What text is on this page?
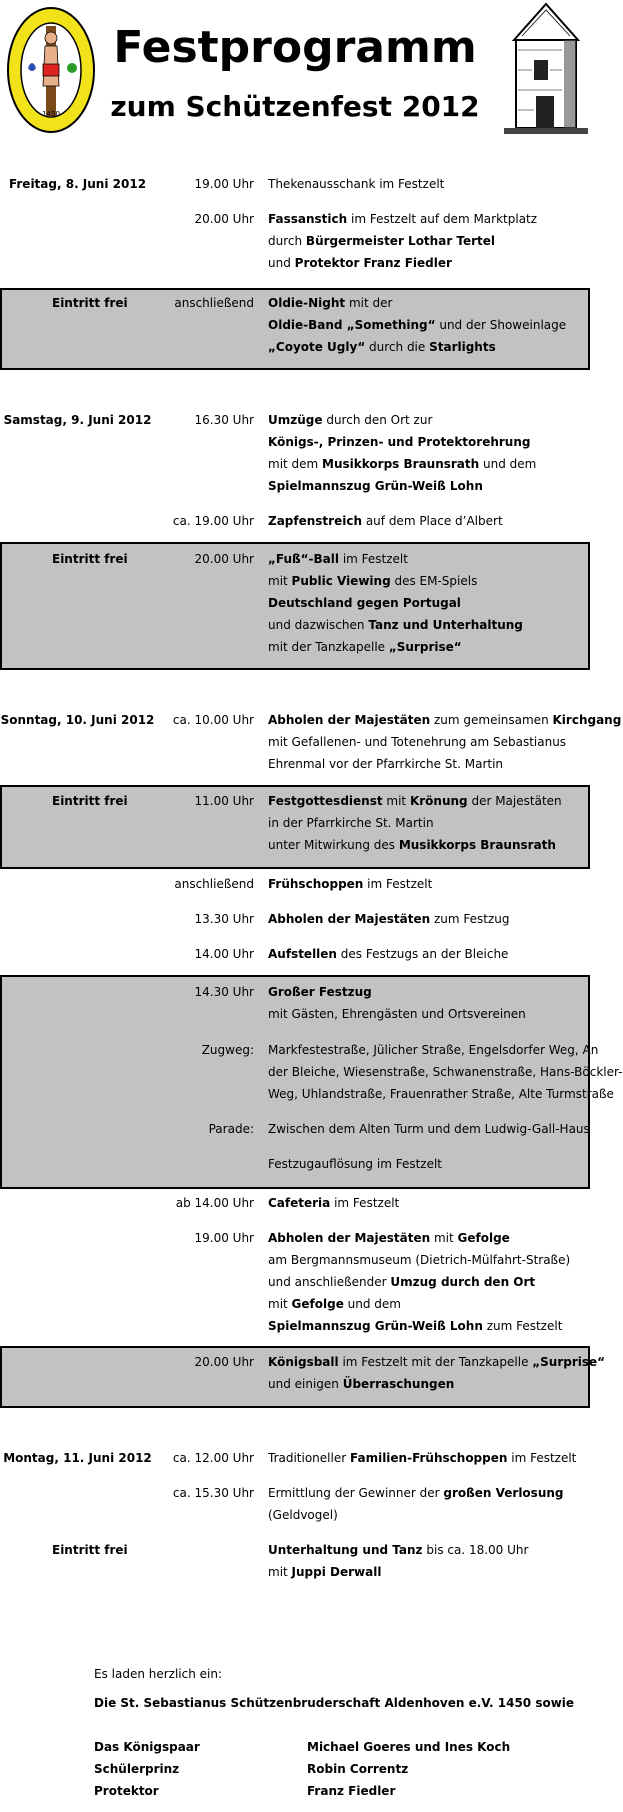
1450
Festprogramm
zum Schützenfest 2012
Freitag, 8. Juni 2012	19.00 Uhr Thekenausschank im Festzelt
20.00 Uhr Fassanstich im Festzelt auf dem Marktplatz
durch Bürgermeister Lothar Tertel
und Protektor Franz Fiedler
Eintritt frei	anschließend Oldie-Night mit der
Oldie-Band „Something“ und der Showeinlage
„Coyote Ugly“ durch die Starlights
Samstag, 9. Juni 2012	16.30 Uhr Umzüge durch den Ort zur
Königs-, Prinzen- und Protektorehrung
mit dem Musikkorps Braunsrath und dem
Spielmannszug Grün-Weiß Lohn
ca. 19.00 Uhr Zapfenstreich auf dem Place d’Albert
Eintritt frei	20.00 Uhr „Fuß“-Ball im Festzelt
mit Public Viewing des EM-Spiels
Deutschland gegen Portugal
und dazwischen Tanz und Unterhaltung
mit der Tanzkapelle „Surprise“
Sonntag, 10. Juni 2012 ca. 10.00 Uhr Abholen der Majestäten zum gemeinsamen Kirchgang
mit Gefallenen- und Totenehrung am Sebastianus
Ehrenmal vor der Pfarrkirche St. Martin
Eintritt frei	11.00 Uhr Festgottesdienst mit Krönung der Majestäten
in der Pfarrkirche St. Martin
unter Mitwirkung des Musikkorps Braunsrath
anschließend Frühschoppen im Festzelt
13.30 Uhr Abholen der Majestäten zum Festzug
14.00 Uhr Aufstellen des Festzugs an der Bleiche
14.30 Uhr Großer Festzug
mit Gästen, Ehrengästen und Ortsvereinen
Zugweg: Markfestestraße, Jülicher Straße, Engelsdorfer Weg, An
der Bleiche, Wiesenstraße, Schwanenstraße, Hans-Böckler-
Weg, Uhlandstraße, Frauenrather Straße, Alte Turmstraße
Parade: Zwischen dem Alten Turm und dem Ludwig-Gall-Haus
Festzugauflösung im Festzelt
ab 14.00 Uhr Cafeteria im Festzelt
19.00 Uhr Abholen der Majestäten mit Gefolge
am Bergmannsmuseum (Dietrich-Mülfahrt-Straße)
und anschließender Umzug durch den Ort
mit Gefolge und dem
Spielmannszug Grün-Weiß Lohn zum Festzelt
20.00 Uhr Königsball im Festzelt mit der Tanzkapelle „Surprise“
und einigen Überraschungen
Montag, 11. Juni 2012 ca. 12.00 Uhr Traditioneller Familien-Frühschoppen im Festzelt
ca. 15.30 Uhr Ermittlung der Gewinner der großen Verlosung
(Geldvogel)
Eintritt frei	Unterhaltung und Tanz bis ca. 18.00 Uhr
mit Juppi Derwall
Es laden herzlich ein:
Die St. Sebastianus Schützenbruderschaft Aldenhoven e.V. 1450 sowie
Das Königspaar	Michael Goeres und Ines Koch
Schülerprinz	Robin Correntz
Protektor	Franz Fiedler
